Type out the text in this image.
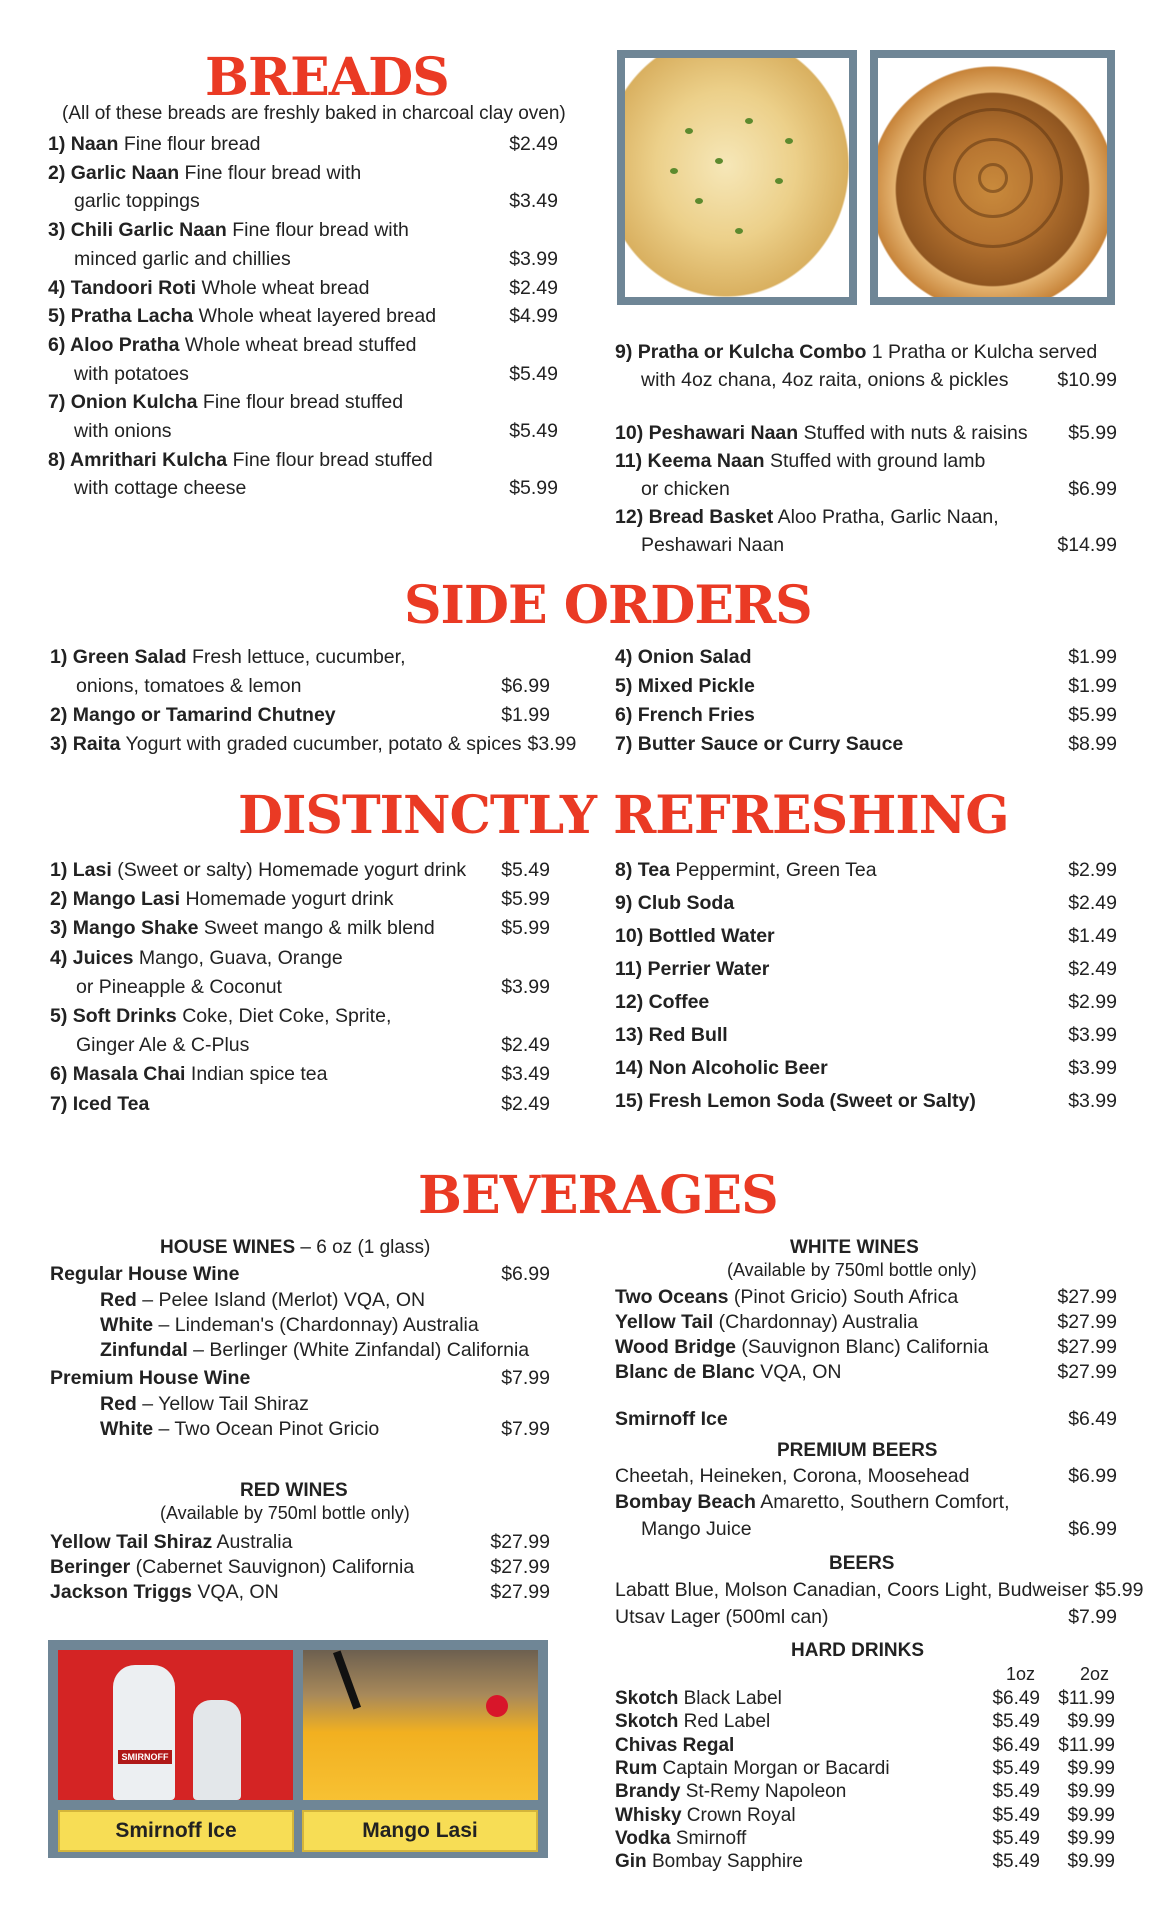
BREADS
(All of these breads are freshly baked in charcoal clay oven)
1) Naan Fine flour bread	$2.49
2) Garlic Naan Fine flour bread with
garlic toppings	$3.49
3) Chili Garlic Naan Fine flour bread with
minced garlic and chillies	$3.99
4) Tandoori Roti Whole wheat bread	$2.49
5) Pratha Lacha Whole wheat layered bread	$4.99
6) Aloo Pratha Whole wheat bread stuffed
with potatoes	$5.49
7) Onion Kulcha Fine flour bread stuffed
with onions	$5.49
8) Amrithari Kulcha Fine flour bread stuffed
with cottage cheese	$5.99
9) Pratha or Kulcha Combo 1 Pratha or Kulcha served
with 4oz chana, 4oz raita, onions & pickles	$10.99
10) Peshawari Naan Stuffed with nuts & raisins	$5.99
11) Keema Naan Stuffed with ground lamb
or chicken	$6.99
12) Bread Basket Aloo Pratha, Garlic Naan,
Peshawari Naan	$14.99
SIDE ORDERS
1) Green Salad Fresh lettuce, cucumber,
onions, tomatoes & lemon	$6.99
2) Mango or Tamarind Chutney	$1.99
3) Raita Yogurt with graded cucumber, potato & spices $3.99
4) Onion Salad	$1.99
5) Mixed Pickle	$1.99
6) French Fries	$5.99
7) Butter Sauce or Curry Sauce	$8.99
DISTINCTLY REFRESHING
1) Lasi (Sweet or salty) Homemade yogurt drink	$5.49
2) Mango Lasi Homemade yogurt drink	$5.99
3) Mango Shake Sweet mango & milk blend	$5.99
4) Juices Mango, Guava, Orange
or Pineapple & Coconut	$3.99
5) Soft Drinks Coke, Diet Coke, Sprite,
Ginger Ale & C-Plus	$2.49
6) Masala Chai Indian spice tea	$3.49
7) Iced Tea	$2.49
8) Tea Peppermint, Green Tea	$2.99
9) Club Soda	$2.49
10) Bottled Water	$1.49
11) Perrier Water	$2.49
12) Coffee	$2.99
13) Red Bull	$3.99
14) Non Alcoholic Beer	$3.99
15) Fresh Lemon Soda (Sweet or Salty)	$3.99
BEVERAGES
HOUSE WINES – 6 oz (1 glass)
Regular House Wine	$6.99
Red – Pelee Island (Merlot) VQA, ON
White – Lindeman's (Chardonnay) Australia
Zinfundal – Berlinger (White Zinfandal) California
Premium House Wine	$7.99
Red – Yellow Tail Shiraz
White – Two Ocean Pinot Gricio	$7.99
RED WINES
(Available by 750ml bottle only)
Yellow Tail Shiraz Australia	$27.99
Beringer (Cabernet Sauvignon) California	$27.99
Jackson Triggs VQA, ON	$27.99
SMIRNOFF
Smirnoff Ice	Mango Lasi
WHITE WINES
(Available by 750ml bottle only)
Two Oceans (Pinot Gricio) South Africa	$27.99
Yellow Tail (Chardonnay) Australia	$27.99
Wood Bridge (Sauvignon Blanc) California	$27.99
Blanc de Blanc VQA, ON	$27.99
Smirnoff Ice	$6.49
PREMIUM BEERS
Cheetah, Heineken, Corona, Moosehead	$6.99
Bombay Beach Amaretto, Southern Comfort,
Mango Juice	$6.99
BEERS
Labatt Blue, Molson Canadian, Coors Light, Budweiser $5.99
Utsav Lager (500ml can)	$7.99
HARD DRINKS
1oz 2oz
Skotch Black Label	$6.49 $11.99
Skotch Red Label	$5.49	$9.99
Chivas Regal	$6.49 $11.99
Rum Captain Morgan or Bacardi	$5.49	$9.99
Brandy St-Remy Napoleon	$5.49	$9.99
Whisky Crown Royal	$5.49	$9.99
Vodka Smirnoff	$5.49	$9.99
Gin Bombay Sapphire	$5.49	$9.99
